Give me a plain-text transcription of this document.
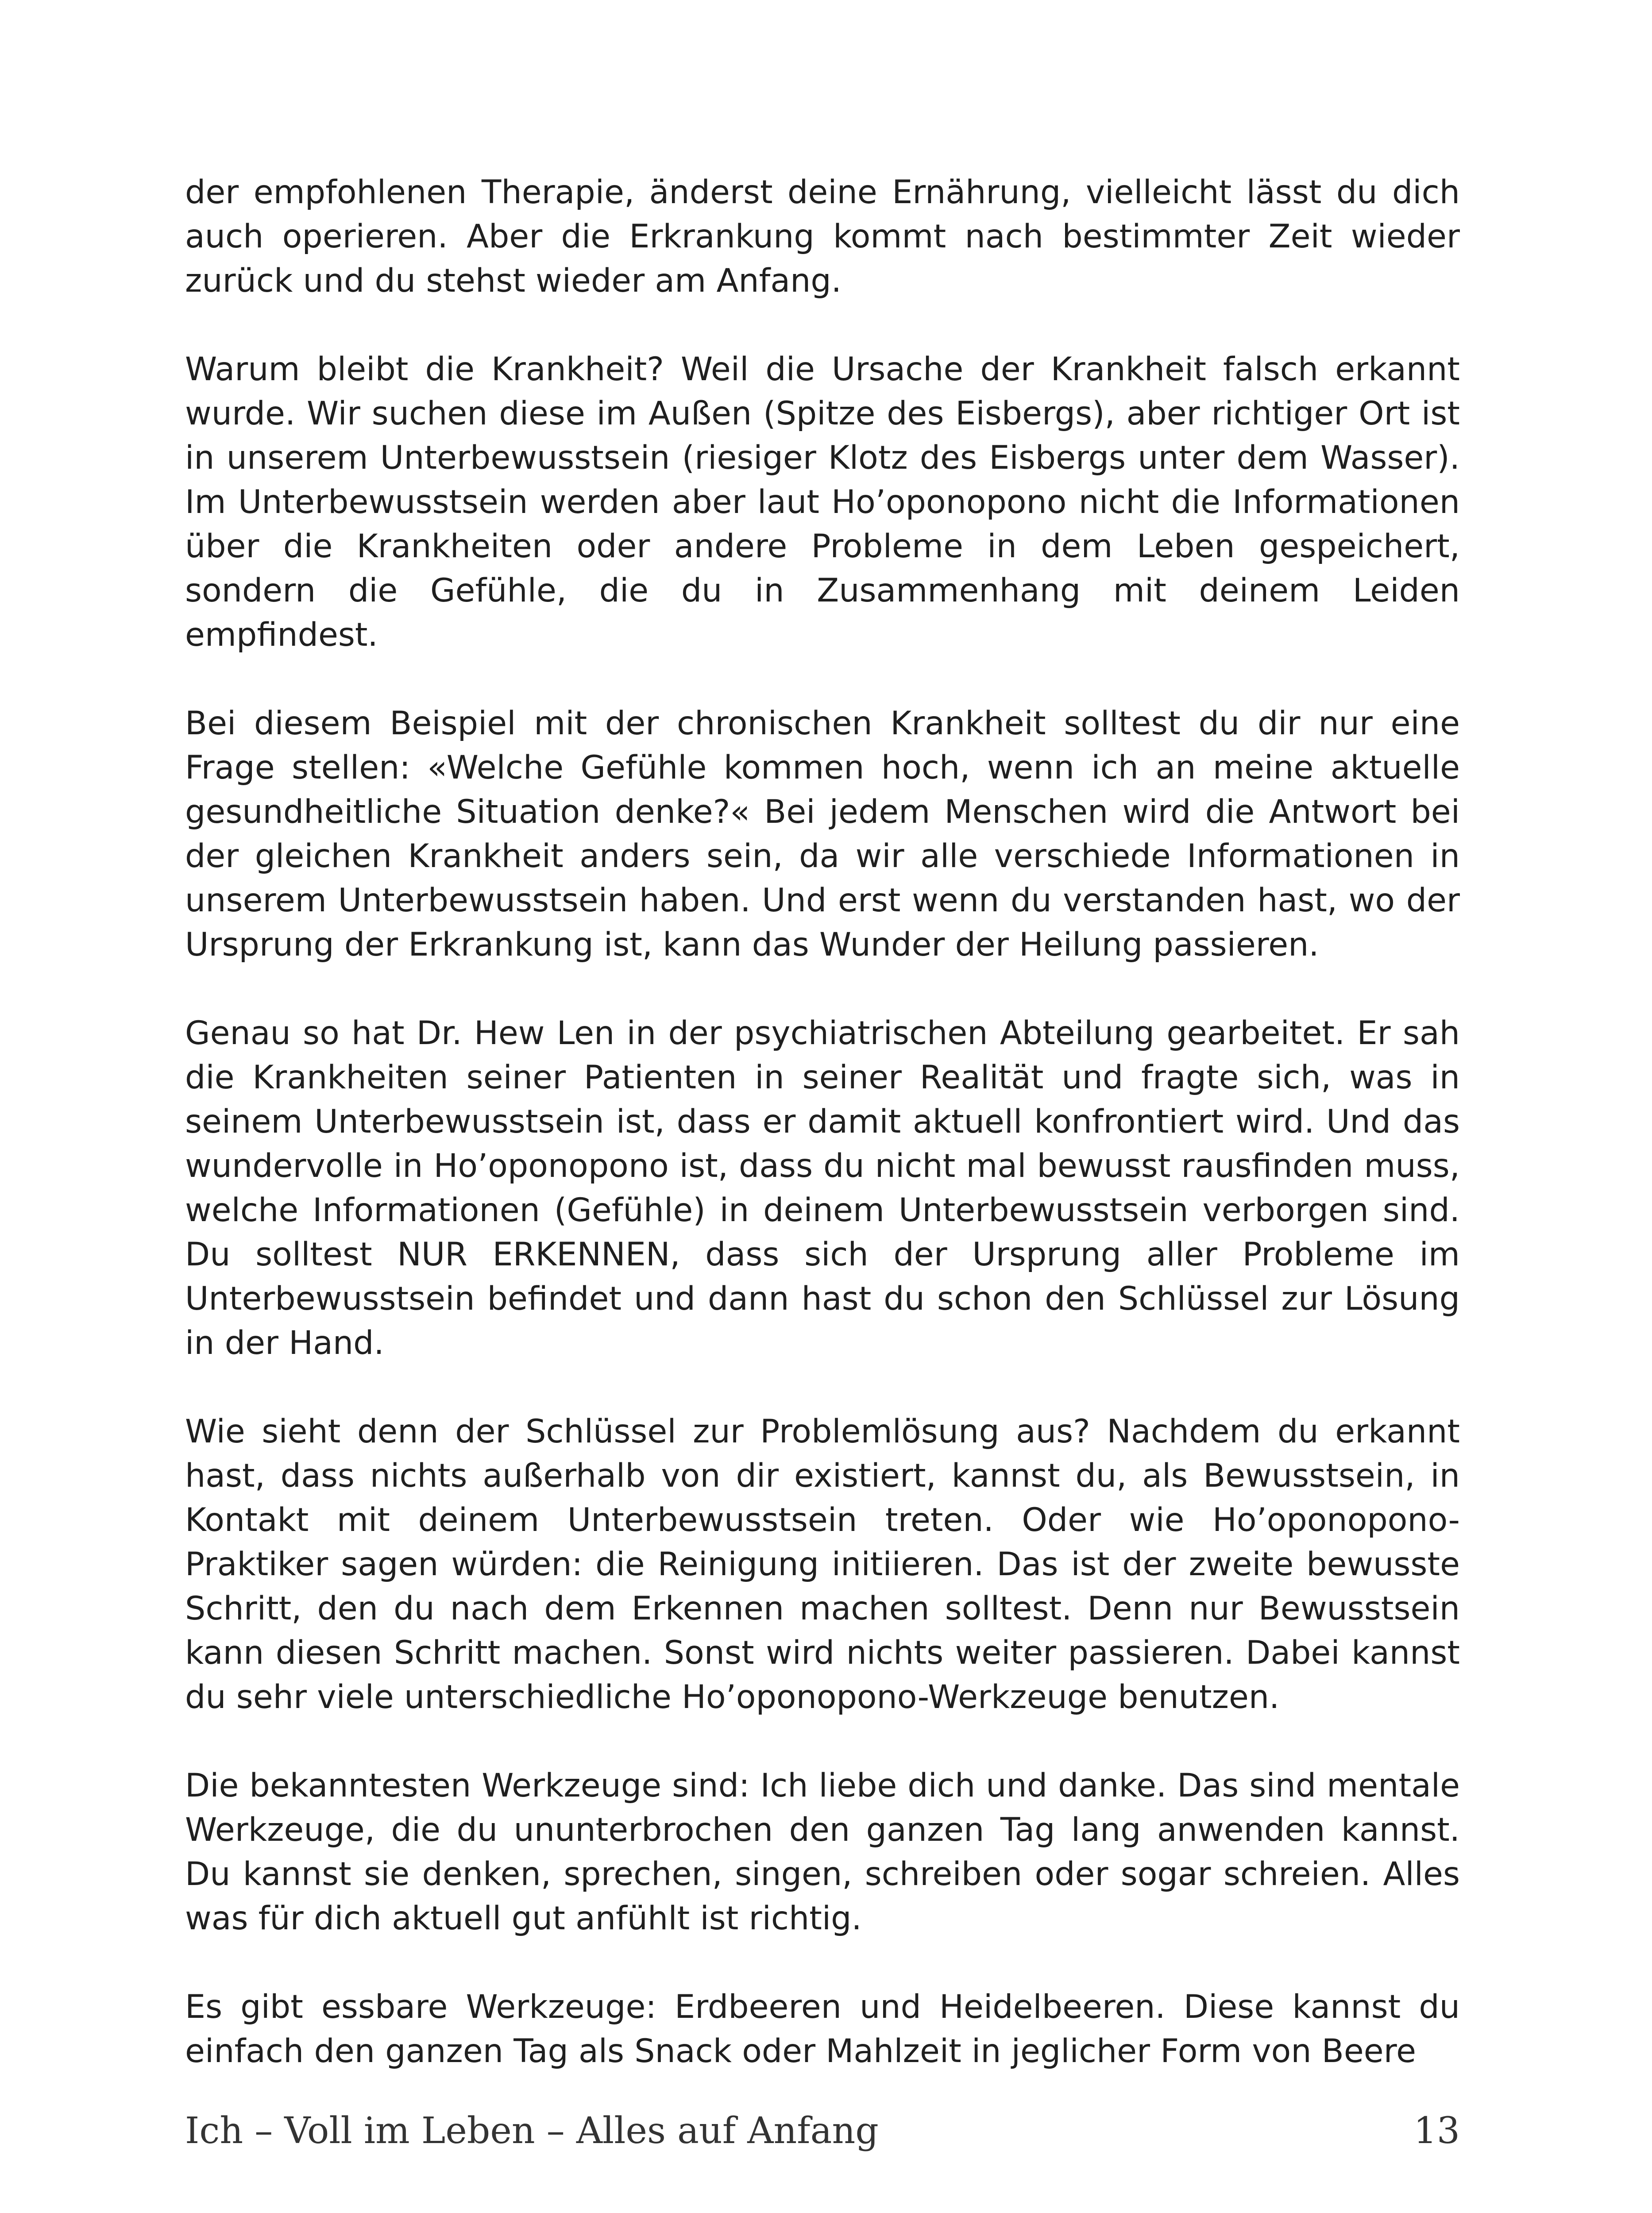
der empfohlenen Therapie, änderst deine Ernährung, vielleicht lässt du dich auch operieren. Aber die Erkrankung kommt nach bestimmter Zeit wieder zurück und du stehst wieder am Anfang.

Warum bleibt die Krankheit? Weil die Ursache der Krankheit falsch erkannt wurde. Wir suchen diese im Außen (Spitze des Eisbergs), aber richtiger Ort ist in unserem Unterbewusstsein (riesiger Klotz des Eisbergs unter dem Wasser). Im Unterbewusstsein werden aber laut Ho’oponopono nicht die Informationen über die Krankheiten oder andere Probleme in dem Leben gespeichert, sondern die Gefühle, die du in Zusammenhang mit deinem Leiden empfindest.

Bei diesem Beispiel mit der chronischen Krankheit solltest du dir nur eine Frage stellen: «Welche Gefühle kommen hoch, wenn ich an meine aktuelle gesundheitliche Situation denke?« Bei jedem Menschen wird die Antwort bei der gleichen Krankheit anders sein, da wir alle verschiede Informationen in unserem Unterbewusstsein haben. Und erst wenn du verstanden hast, wo der Ursprung der Erkrankung ist, kann das Wunder der Heilung passieren.

Genau so hat Dr. Hew Len in der psychiatrischen Abteilung gearbeitet. Er sah die Krankheiten seiner Patienten in seiner Realität und fragte sich, was in seinem Unterbewusstsein ist, dass er damit aktuell konfrontiert wird. Und das wundervolle in Ho’oponopono ist, dass du nicht mal bewusst rausfinden muss, welche Informationen (Gefühle) in deinem Unterbewusstsein verborgen sind. Du solltest NUR ERKENNEN, dass sich der Ursprung aller Probleme im Unterbewusstsein befindet und dann hast du schon den Schlüssel zur Lösung in der Hand.

Wie sieht denn der Schlüssel zur Problemlösung aus? Nachdem du erkannt hast, dass nichts außerhalb von dir existiert, kannst du, als Bewusstsein, in Kontakt mit deinem Unterbewusstsein treten. Oder wie Ho’oponopono-Praktiker sagen würden: die Reinigung initiieren. Das ist der zweite bewusste Schritt, den du nach dem Erkennen machen solltest. Denn nur Bewusstsein kann diesen Schritt machen. Sonst wird nichts weiter passieren. Dabei kannst du sehr viele unterschiedliche Ho’oponopono-Werkzeuge benutzen.

Die bekanntesten Werkzeuge sind: Ich liebe dich und danke. Das sind mentale Werkzeuge, die du ununterbrochen den ganzen Tag lang anwenden kannst. Du kannst sie denken, sprechen, singen, schreiben oder sogar schreien. Alles was für dich aktuell gut anfühlt ist richtig.

Es gibt essbare Werkzeuge: Erdbeeren und Heidelbeeren. Diese kannst du einfach den ganzen Tag als Snack oder Mahlzeit in jeglicher Form von Beere

Ich – Voll im Leben – Alles auf Anfang	13
